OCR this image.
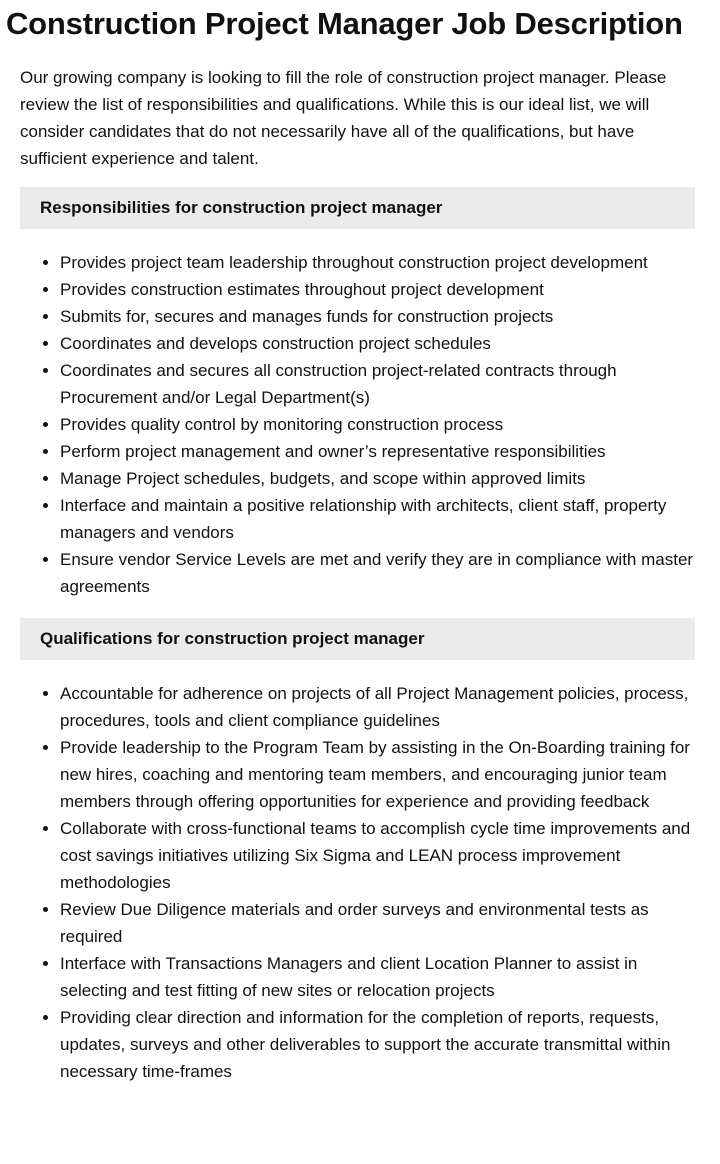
Construction Project Manager Job Description

Our growing company is looking to fill the role of construction project manager. Please review the list of responsibilities and qualifications. While this is our ideal list, we will consider candidates that do not necessarily have all of the qualifications, but have sufficient experience and talent.

Responsibilities for construction project manager
• Provides project team leadership throughout construction project development
• Provides construction estimates throughout project development
• Submits for, secures and manages funds for construction projects
• Coordinates and develops construction project schedules
• Coordinates and secures all construction project-related contracts through Procurement and/or Legal Department(s)
• Provides quality control by monitoring construction process
• Perform project management and owner’s representative responsibilities
• Manage Project schedules, budgets, and scope within approved limits
• Interface and maintain a positive relationship with architects, client staff, property managers and vendors
• Ensure vendor Service Levels are met and verify they are in compliance with master agreements
Qualifications for construction project manager
• Accountable for adherence on projects of all Project Management policies, process, procedures, tools and client compliance guidelines
• Provide leadership to the Program Team by assisting in the On-Boarding training for new hires, coaching and mentoring team members, and encouraging junior team members through offering opportunities for experience and providing feedback
• Collaborate with cross-functional teams to accomplish cycle time improvements and cost savings initiatives utilizing Six Sigma and LEAN process improvement methodologies
• Review Due Diligence materials and order surveys and environmental tests as required
• Interface with Transactions Managers and client Location Planner to assist in selecting and test fitting of new sites or relocation projects
• Providing clear direction and information for the completion of reports, requests, updates, surveys and other deliverables to support the accurate transmittal within necessary time-frames
